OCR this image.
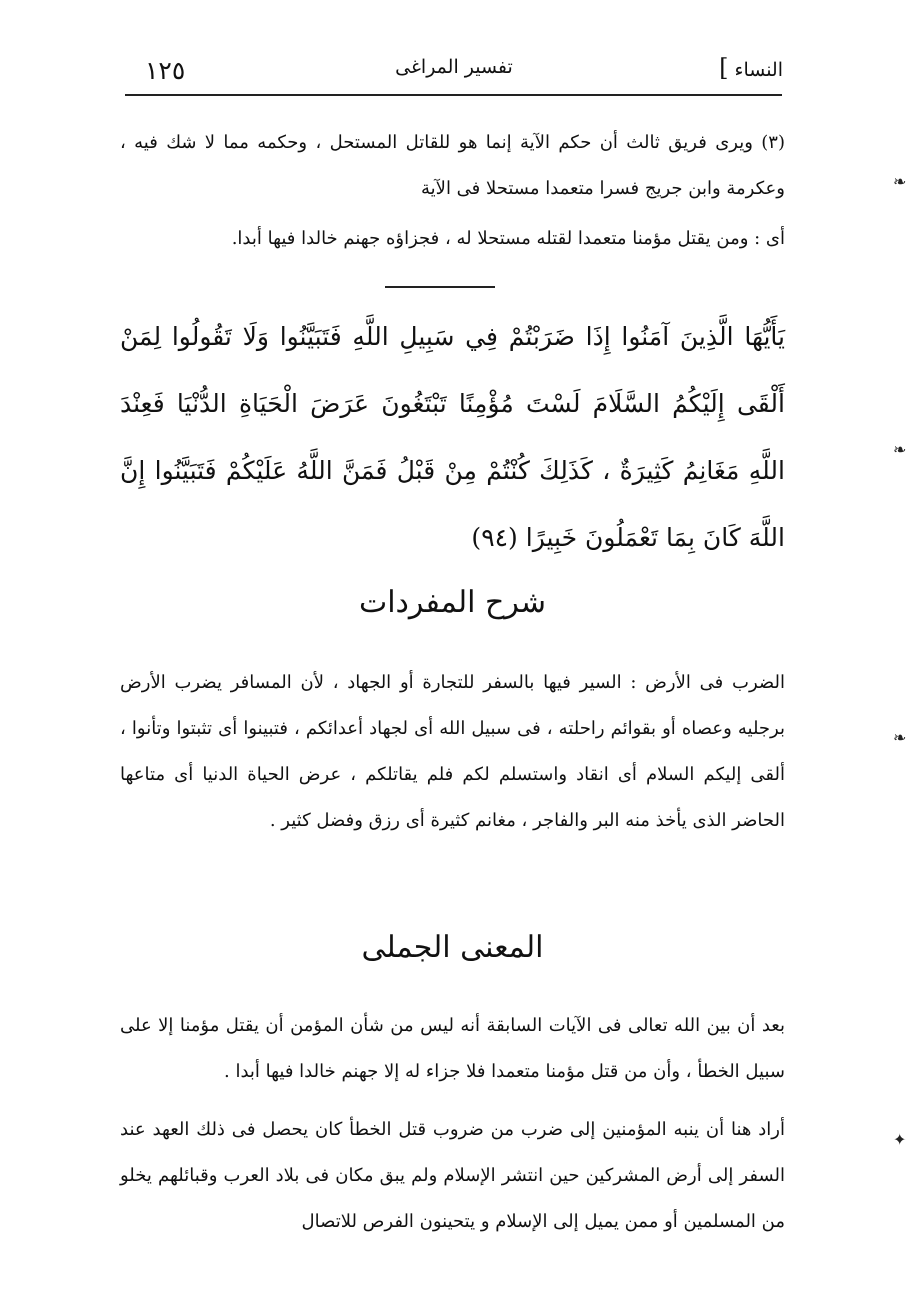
النساء ]
تفسير المراغى
١٢٥
(٣) ويرى فريق ثالث أن حكم الآية إنما هو للقاتل المستحل ، وحكمه مما لا شك فيه ، وعكرمة وابن جريج فسرا متعمدا مستحلا فى الآية
أى : ومن يقتل مؤمنا متعمدا لقتله مستحلا له ، فجزاؤه جهنم خالدا فيها أبدا.
يَأَيُّهَا الَّذِينَ آمَنُوا إِذَا ضَرَبْتُمْ فِي سَبِيلِ اللَّهِ فَتَبَيَّنُوا وَلَا تَقُولُوا لِمَنْ أَلْقَى إِلَيْكُمُ السَّلَامَ لَسْتَ مُؤْمِنًا تَبْتَغُونَ عَرَضَ الْحَيَاةِ الدُّنْيَا فَعِنْدَ اللَّهِ مَغَانِمُ كَثِيرَةٌ ، كَذَلِكَ كُنْتُمْ مِنْ قَبْلُ فَمَنَّ اللَّهُ عَلَيْكُمْ فَتَبَيَّنُوا إِنَّ اللَّهَ كَانَ بِمَا تَعْمَلُونَ خَبِيرًا (٩٤)
شرح المفردات
الضرب فى الأرض : السير فيها بالسفر للتجارة أو الجهاد ، لأن المسافر يضرب الأرض برجليه وعصاه أو بقوائم راحلته ، فى سبيل الله أى لجهاد أعدائكم ، فتبينوا أى تثبتوا وتأنوا ، ألقى إليكم السلام أى انقاد واستسلم لكم فلم يقاتلكم ، عرض الحياة الدنيا أى متاعها الحاضر الذى يأخذ منه البر والفاجر ، مغانم كثيرة أى رزق وفضل كثير .
المعنى الجملى
بعد أن بين الله تعالى فى الآيات السابقة أنه ليس من شأن المؤمن أن يقتل مؤمنا إلا على سبيل الخطأ ، وأن من قتل مؤمنا متعمدا فلا جزاء له إلا جهنم خالدا فيها أبدا .
أراد هنا أن ينبه المؤمنين إلى ضرب من ضروب قتل الخطأ كان يحصل فى ذلك العهد عند السفر إلى أرض المشركين حين انتشر الإسلام ولم يبق مكان فى بلاد العرب وقبائلهم يخلو من المسلمين أو ممن يميل إلى الإسلام و يتحينون الفرص للاتصال
❧
❧
❧
✦
